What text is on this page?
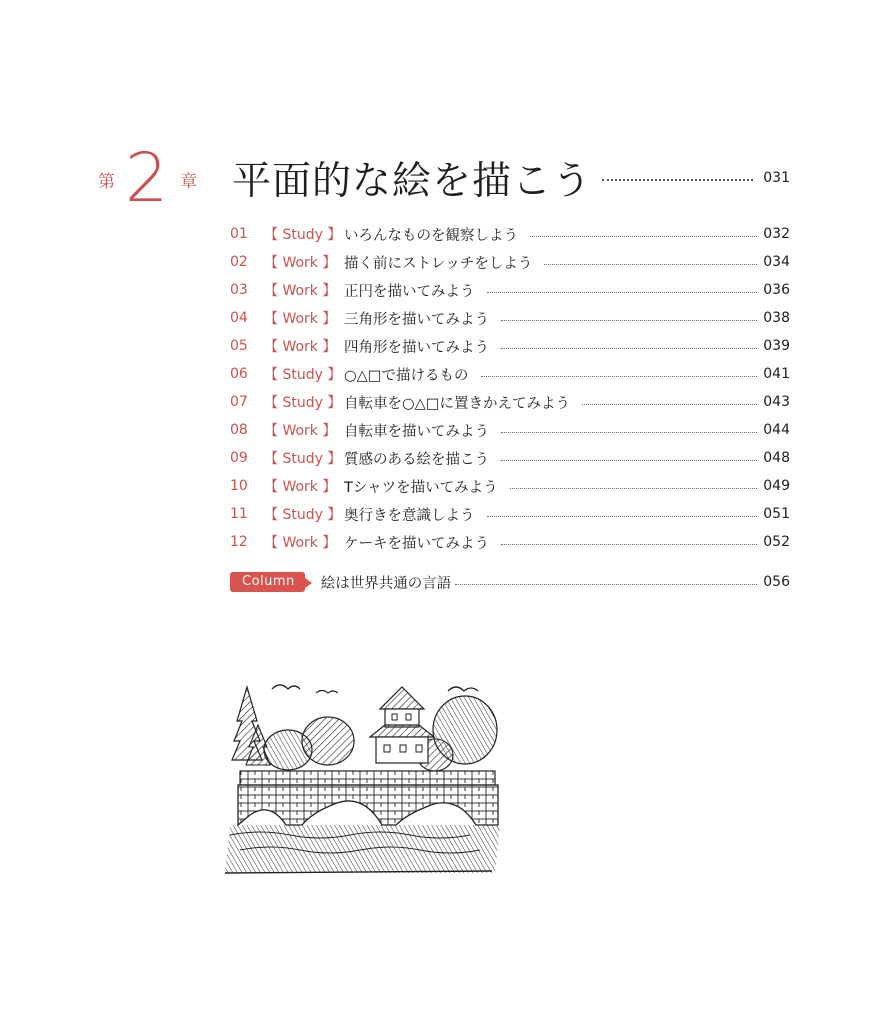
第 2 章 平面的な絵を描こう	031
01	【 Study 】 いろんなものを観察しよう	032
02	【 Work 】 描く前にストレッチをしよう	034
03	【 Work 】 正円を描いてみよう	036
04	【 Work 】 三角形を描いてみよう	038
05	【 Work 】 四角形を描いてみよう	039
06	【 Study 】 ○△□で描けるもの	041
07	【 Study 】 自転車を○△□に置きかえてみよう	043
08	【 Work 】 自転車を描いてみよう	044
09	【 Study 】 質感のある絵を描こう	048
10	【 Work 】 Tシャツを描いてみよう	049
11	【 Study 】 奥行きを意識しよう	051
12	【 Work 】 ケーキを描いてみよう	052
Column	絵は世界共通の言語	056
